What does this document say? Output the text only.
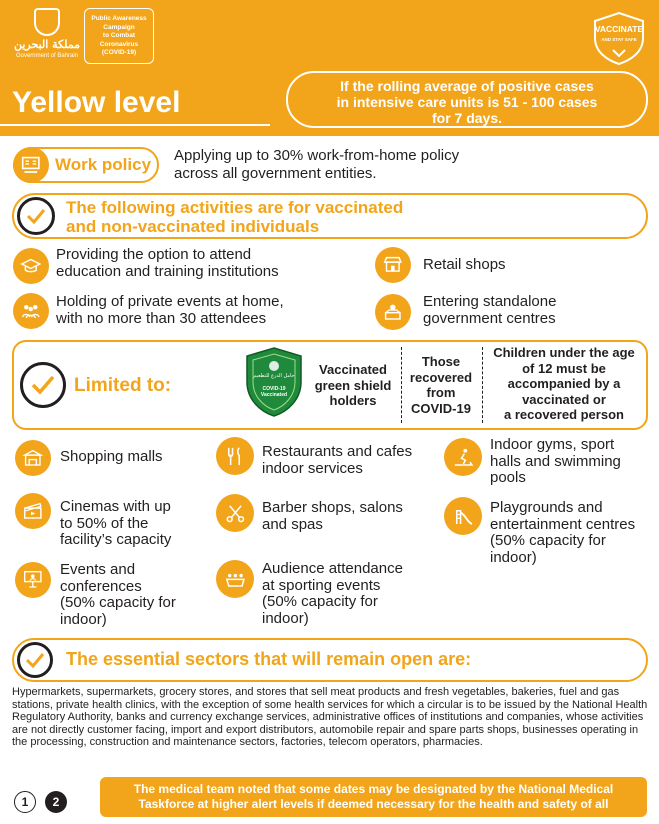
مملكة البحرين
Government of Bahrain
Public Awareness
Campaign
to Combat
Coronavirus
(COVID-19)
VACCINATE
AND STAY SAFE
Yellow level	If the rolling average of positive cases
in intensive care units is 51 - 100 cases
for 7 days.
Work policy Applying up to 30% work-from-home policy
across all government entities.
The following activities are for vaccinated
and non-vaccinated individuals
Providing the option to attend
education and training institutions	Retail shops
Holding of private events at home,
with no more than 30 attendees
Entering standalone
government centres
Limited to:	حامل الدرع للتطعيم
COVID-19
Vaccinated
Vaccinated
green shield
holders
Those
recovered
from
COVID-19
Children under the age
of 12 must be
accompanied by a
vaccinated or
a recovered person
Shopping malls	Restaurants and cafes
indoor services
Indoor gyms, sport
halls and swimming
pools
Cinemas with up
to 50% of the
facility’s capacity
Barber shops, salons
and spas
Playgrounds and
entertainment centres
(50% capacity for
indoor)
Events and
conferences
(50% capacity for
indoor)
Audience attendance
at sporting events
(50% capacity for
indoor)
The essential sectors that will remain open are:
Hypermarkets, supermarkets, grocery stores, and stores that sell meat products and fresh vegetables, bakeries, fuel and gas stations, private health clinics, with the exception of some health services for which a circular is to be issued by the National Health Regulatory Authority, banks and currency exchange services, administrative offices of institutions and companies, whose activities are not directly customer facing, import and export distributors, automobile repair and spare parts shops, businesses operating in the processing, construction and maintenance sectors, factories, telecom operators, pharmacies.
1	2
The medical team noted that some dates may be designated by the National Medical
Taskforce at higher alert levels if deemed necessary for the health and safety of all
